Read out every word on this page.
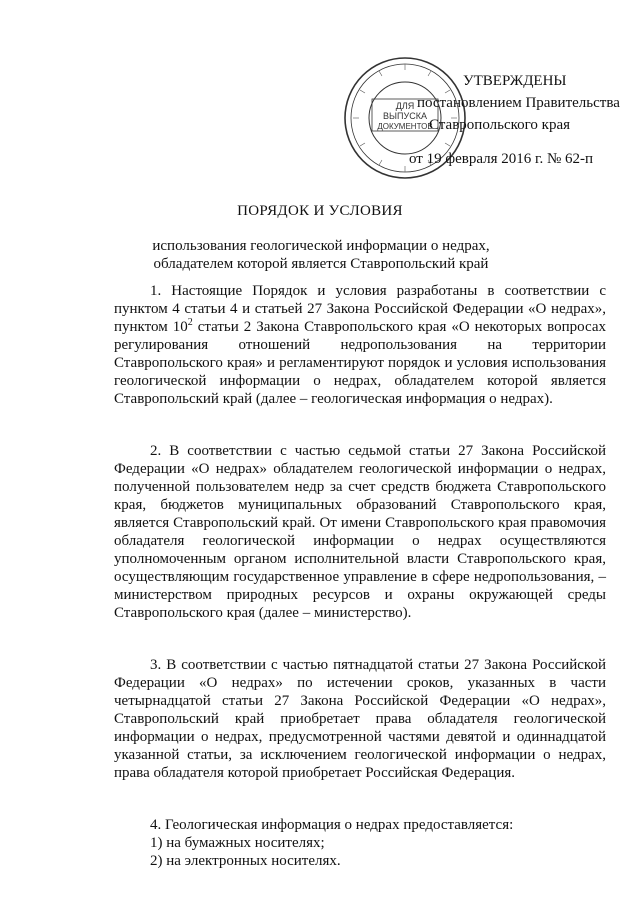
ДЛЯ
ВЫПУСКА
ДОКУМЕНТОВ
УТВЕРЖДЕНЫ
постановлением Правительства
Ставропольского края
от 19 февраля 2016 г. № 62-п
ПОРЯДОК И УСЛОВИЯ
использования геологической информации о недрах, обладателем которой является Ставропольский край

1. Настоящие Порядок и условия разработаны в соответствии с пунктом 4 статьи 4 и статьей 27 Закона Российской Федерации «О недрах», пунктом $10^2$ статьи 2 Закона Ставропольского края «О некоторых вопросах регулирования отношений недропользования на территории Ставропольского края» и регламентируют порядок и условия использования геологической информации о недрах, обладателем которой является Ставропольский край (далее – геологическая информация о недрах).

2. В соответствии с частью седьмой статьи 27 Закона Российской Федерации «О недрах» обладателем геологической информации о недрах, полученной пользователем недр за счет средств бюджета Ставропольского края, бюджетов муниципальных образований Ставропольского края, является Ставропольский край. От имени Ставропольского края правомочия обладателя геологической информации о недрах осуществляются уполномоченным органом исполнительной власти Ставропольского края, осуществляющим государственное управление в сфере недропользования, – министерством природных ресурсов и охраны окружающей среды Ставропольского края (далее – министерство).

3. В соответствии с частью пятнадцатой статьи 27 Закона Российской Федерации «О недрах» по истечении сроков, указанных в части четырнадцатой статьи 27 Закона Российской Федерации «О недрах», Ставропольский край приобретает права обладателя геологической информации о недрах, предусмотренной частями девятой и одиннадцатой указанной статьи, за исключением геологической информации о недрах, права обладателя которой приобретает Российская Федерация.

4. Геологическая информация о недрах предоставляется:

1) на бумажных носителях;

2) на электронных носителях.
